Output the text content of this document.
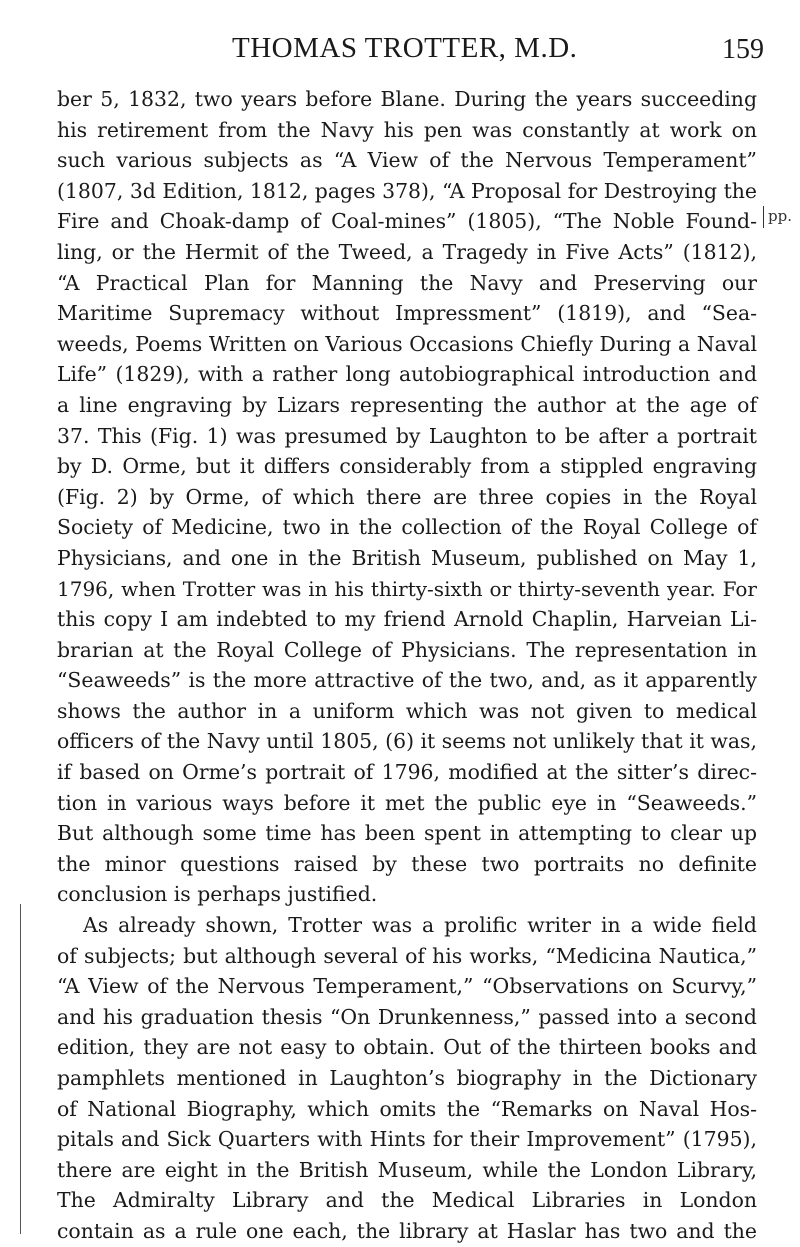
THOMAS TROTTER, M.D.	159
pp.
ber 5, 1832, two years before Blane. During the years succeeding
his retirement from the Navy his pen was constantly at work on
such various subjects as “A View of the Nervous Temperament”
(1807, 3d Edition, 1812, pages 378), “A Proposal for Destroying the
Fire and Choak-damp of Coal-mines” (1805), “The Noble Found-
ling, or the Hermit of the Tweed, a Tragedy in Five Acts” (1812),
“A Practical Plan for Manning the Navy and Preserving our
Maritime Supremacy without Impressment” (1819), and “Sea-
weeds, Poems Written on Various Occasions Chiefly During a Naval
Life” (1829), with a rather long autobiographical introduction and
a line engraving by Lizars representing the author at the age of
37. This (Fig. 1) was presumed by Laughton to be after a portrait
by D. Orme, but it differs considerably from a stippled engraving
(Fig. 2) by Orme, of which there are three copies in the Royal
Society of Medicine, two in the collection of the Royal College of
Physicians, and one in the British Museum, published on May 1,
1796, when Trotter was in his thirty-sixth or thirty-seventh year. For
this copy I am indebted to my friend Arnold Chaplin, Harveian Li-
brarian at the Royal College of Physicians. The representation in
“Seaweeds” is the more attractive of the two, and, as it apparently
shows the author in a uniform which was not given to medical
officers of the Navy until 1805, (6) it seems not unlikely that it was,
if based on Orme’s portrait of 1796, modified at the sitter’s direc-
tion in various ways before it met the public eye in “Seaweeds.”
But although some time has been spent in attempting to clear up
the minor questions raised by these two portraits no definite
conclusion is perhaps justified.
As already shown, Trotter was a prolific writer in a wide field
of subjects; but although several of his works, “Medicina Nautica,”
“A View of the Nervous Temperament,” “Observations on Scurvy,”
and his graduation thesis “On Drunkenness,” passed into a second
edition, they are not easy to obtain. Out of the thirteen books and
pamphlets mentioned in Laughton’s biography in the Dictionary
of National Biography, which omits the “Remarks on Naval Hos-
pitals and Sick Quarters with Hints for their Improvement” (1795),
there are eight in the British Museum, while the London Library,
The Admiralty Library and the Medical Libraries in London
contain as a rule one each, the library at Haslar has two and the
